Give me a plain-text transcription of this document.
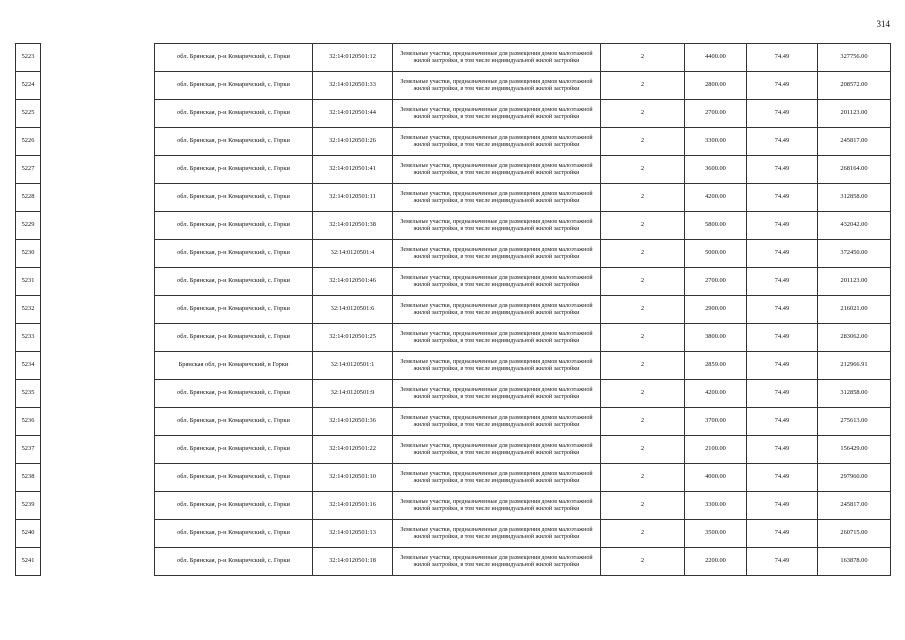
314
5223		обл. Брянская, р-н Комаричский, с. Горки	32:14:0120501:12	Земельные участки, предназначенные для размещения домов малоэтажной жилой застройки, в том числе индивидуальной жилой застройки	2	4400.00	74.49	327756.00
5224		обл. Брянская, р-н Комаричский, с. Горки	32:14:0120501:33	Земельные участки, предназначенные для размещения домов малоэтажной жилой застройки, в том числе индивидуальной жилой застройки	2	2800.00	74.49	208572.00
5225		обл. Брянская, р-н Комаричский, с. Горки	32:14:0120501:44	Земельные участки, предназначенные для размещения домов малоэтажной жилой застройки, в том числе индивидуальной жилой застройки	2	2700.00	74.49	201123.00
5226		обл. Брянская, р-н Комаричский, с. Горки	32:14:0120501:26	Земельные участки, предназначенные для размещения домов малоэтажной жилой застройки, в том числе индивидуальной жилой застройки	2	3300.00	74.49	245817.00
5227		обл. Брянская, р-н Комаричский, с. Горки	32:14:0120501:41	Земельные участки, предназначенные для размещения домов малоэтажной жилой застройки, в том числе индивидуальной жилой застройки	2	3600.00	74.49	268164.00
5228		обл. Брянская, р-н Комаричский, с. Горки	32:14:0120501:11	Земельные участки, предназначенные для размещения домов малоэтажной жилой застройки, в том числе индивидуальной жилой застройки	2	4200.00	74.49	312858.00
5229		обл. Брянская, р-н Комаричский, с. Горки	32:14:0120501:38	Земельные участки, предназначенные для размещения домов малоэтажной жилой застройки, в том числе индивидуальной жилой застройки	2	5800.00	74.49	432042.00
5230		обл. Брянская, р-н Комаричский, с. Горки	32:14:0120501:4	Земельные участки, предназначенные для размещения домов малоэтажной жилой застройки, в том числе индивидуальной жилой застройки	2	5000.00	74.49	372450.00
5231		обл. Брянская, р-н Комаричский, с. Горки	32:14:0120501:46	Земельные участки, предназначенные для размещения домов малоэтажной жилой застройки, в том числе индивидуальной жилой застройки	2	2700.00	74.49	201123.00
5232		обл. Брянская, р-н Комаричский, с. Горки	32:14:0120501:6	Земельные участки, предназначенные для размещения домов малоэтажной жилой застройки, в том числе индивидуальной жилой застройки	2	2900.00	74.49	216021.00
5233		обл. Брянская, р-н Комаричский, с. Горки	32:14:0120501:25	Земельные участки, предназначенные для размещения домов малоэтажной жилой застройки, в том числе индивидуальной жилой застройки	2	3800.00	74.49	283062.00
5234		Брянская обл, р-н Комаричский, в Горки	32:14:0120501:1	Земельные участки, предназначенные для размещения домов малоэтажной жилой застройки, в том числе индивидуальной жилой застройки	2	2859.00	74.49	212966.91
5235		обл. Брянская, р-н Комаричский, с. Горки	32:14:0120501:9	Земельные участки, предназначенные для размещения домов малоэтажной жилой застройки, в том числе индивидуальной жилой застройки	2	4200.00	74.49	312858.00
5236		обл. Брянская, р-н Комаричский, с. Горки	32:14:0120501:36	Земельные участки, предназначенные для размещения домов малоэтажной жилой застройки, в том числе индивидуальной жилой застройки	2	3700.00	74.49	275613.00
5237		обл. Брянская, р-н Комаричский, с. Горки	32:14:0120501:22	Земельные участки, предназначенные для размещения домов малоэтажной жилой застройки, в том числе индивидуальной жилой застройки	2	2100.00	74.49	156429.00
5238		обл. Брянская, р-н Комаричский, с. Горки	32:14:0120501:10	Земельные участки, предназначенные для размещения домов малоэтажной жилой застройки, в том числе индивидуальной жилой застройки	2	4000.00	74.49	297960.00
5239		обл. Брянская, р-н Комаричский, с. Горки	32:14:0120501:16	Земельные участки, предназначенные для размещения домов малоэтажной жилой застройки, в том числе индивидуальной жилой застройки	2	3300.00	74.49	245817.00
5240		обл. Брянская, р-н Комаричский, с. Горки	32:14:0120501:13	Земельные участки, предназначенные для размещения домов малоэтажной жилой застройки, в том числе индивидуальной жилой застройки	2	3500.00	74.49	260715.00
5241		обл. Брянская, р-н Комаричский, с. Горки	32:14:0120501:18	Земельные участки, предназначенные для размещения домов малоэтажной жилой застройки, в том числе индивидуальной жилой застройки	2	2200.00	74.49	163878.00
